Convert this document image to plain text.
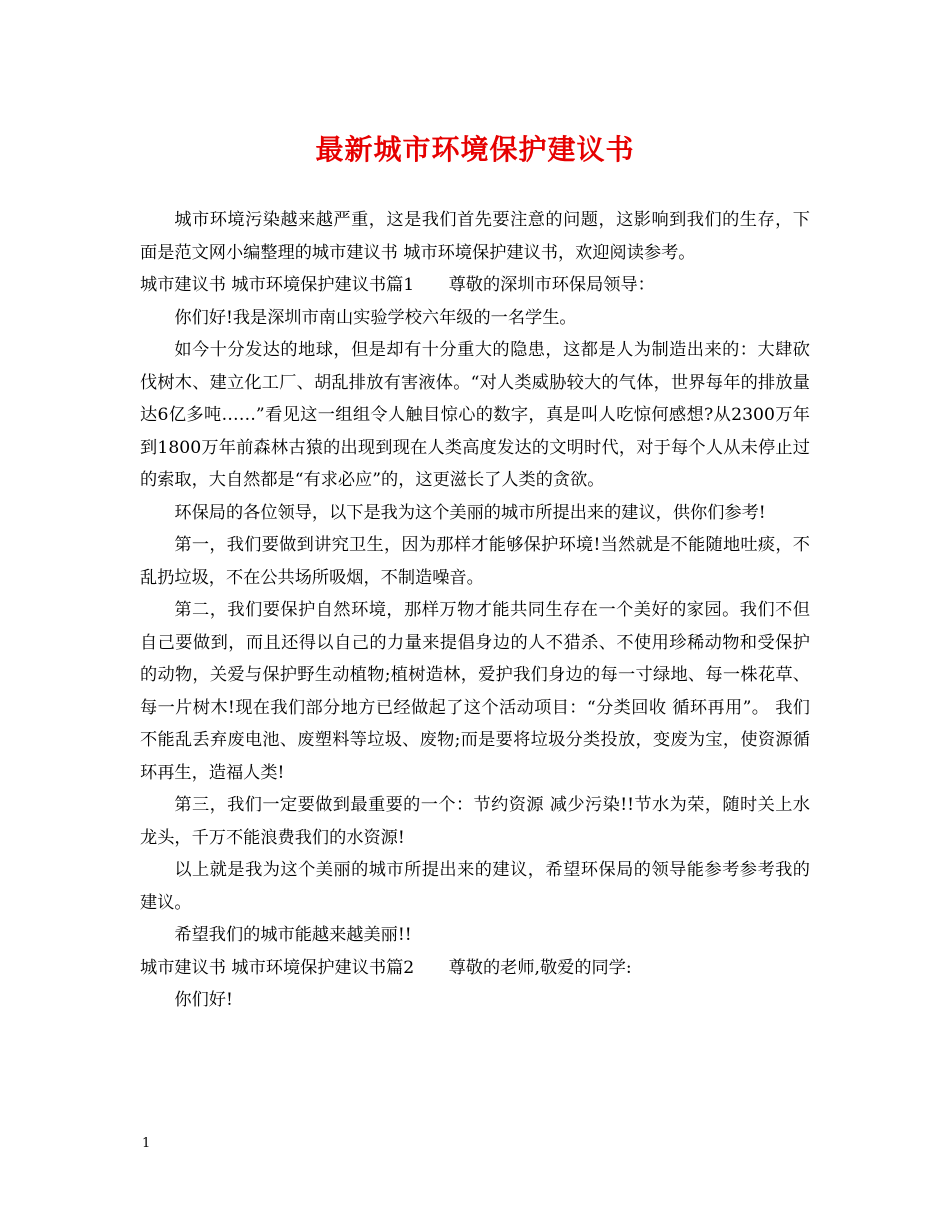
最新城市环境保护建议书

城市环境污染越来越严重，这是我们首先要注意的问题，这影响到我们的生存，下面是范文网小编整理的城市建议书 城市环境保护建议书，欢迎阅读参考。

城市建议书 城市环境保护建议书篇1　　尊敬的深圳市环保局领导：

你们好!我是深圳市南山实验学校六年级的一名学生。

如今十分发达的地球，但是却有十分重大的隐患，这都是人为制造出来的：大肆砍伐树木、建立化工厂、胡乱排放有害液体。“对人类威胁较大的气体，世界每年的排放量达6亿多吨……”看见这一组组令人触目惊心的数字，真是叫人吃惊何感想?从2300万年到1800万年前森林古猿的出现到现在人类高度发达的文明时代，对于每个人从未停止过的索取，大自然都是“有求必应”的，这更滋长了人类的贪欲。

环保局的各位领导，以下是我为这个美丽的城市所提出来的建议，供你们参考!

第一，我们要做到讲究卫生，因为那样才能够保护环境!当然就是不能随地吐痰，不乱扔垃圾，不在公共场所吸烟，不制造噪音。

第二，我们要保护自然环境，那样万物才能共同生存在一个美好的家园。我们不但自己要做到，而且还得以自己的力量来提倡身边的人不猎杀、不使用珍稀动物和受保护的动物，关爱与保护野生动植物;植树造林，爱护我们身边的每一寸绿地、每一株花草、每一片树木!现在我们部分地方已经做起了这个活动项目：“分类回收 循环再用”。 我们不能乱丢弃废电池、废塑料等垃圾、废物;而是要将垃圾分类投放，变废为宝，使资源循环再生，造福人类!

第三，我们一定要做到最重要的一个：节约资源 减少污染!!节水为荣，随时关上水龙头，千万不能浪费我们的水资源!

以上就是我为这个美丽的城市所提出来的建议，希望环保局的领导能参考参考我的建议。

希望我们的城市能越来越美丽!!

城市建议书 城市环境保护建议书篇2　　尊敬的老师,敬爱的同学:

你们好!

1
